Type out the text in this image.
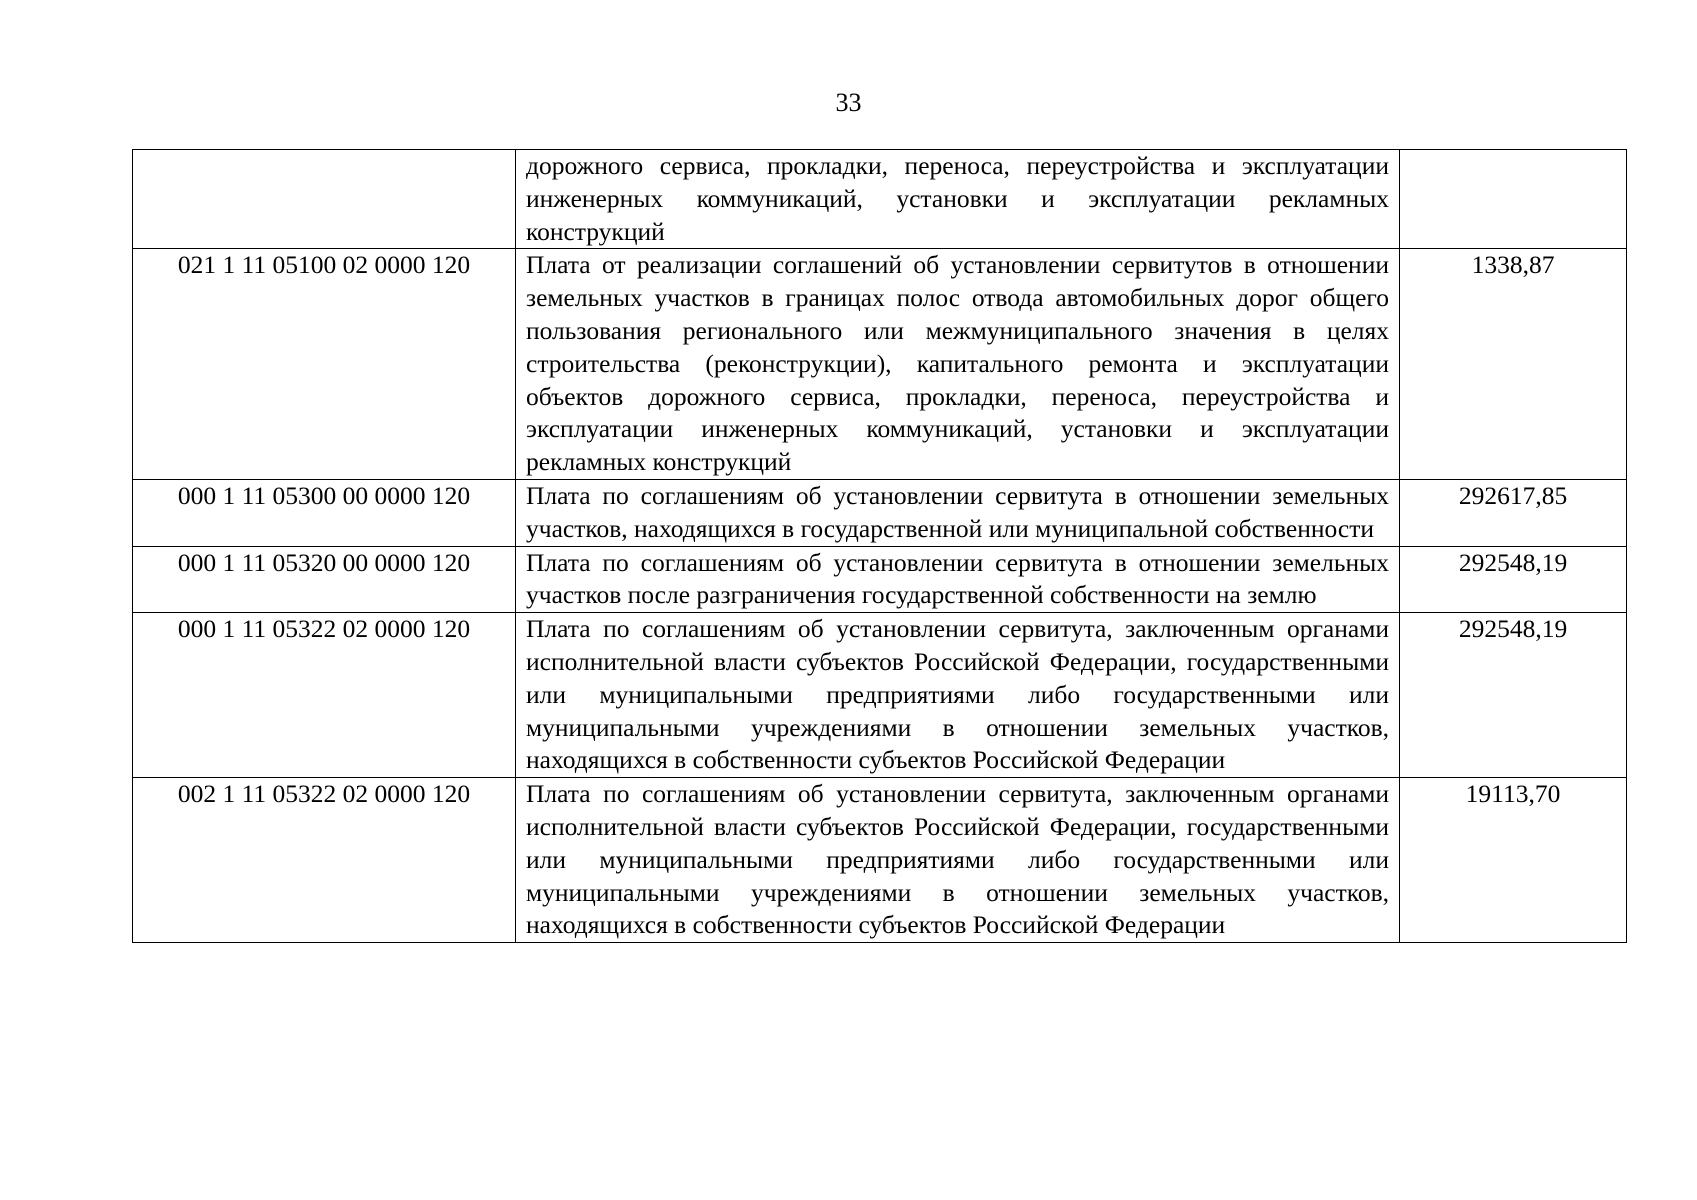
33
	дорожного сервиса, прокладки, переноса, переустройства и эксплуатации инженерных коммуникаций, установки и эксплуатации рекламных конструкций	
021 1 11 05100 02 0000 120	Плата от реализации соглашений об установлении сервитутов в отношении земельных участков в границах полос отвода автомобильных дорог общего пользования регионального или межмуниципального значения в целях строительства (реконструкции), капитального ремонта и эксплуатации объектов дорожного сервиса, прокладки, переноса, переустройства и эксплуатации инженерных коммуникаций, установки и эксплуатации рекламных конструкций	1338,87
000 1 11 05300 00 0000 120	Плата по соглашениям об установлении сервитута в отношении земельных участков, находящихся в государственной или муниципальной собственности	292617,85
000 1 11 05320 00 0000 120	Плата по соглашениям об установлении сервитута в отношении земельных участков после разграничения государственной собственности на землю	292548,19
000 1 11 05322 02 0000 120	Плата по соглашениям об установлении сервитута, заключенным органами исполнительной власти субъектов Российской Федерации, государственными или муниципальными предприятиями либо государственными или муниципальными учреждениями в отношении земельных участков, находящихся в собственности субъектов Российской Федерации	292548,19
002 1 11 05322 02 0000 120	Плата по соглашениям об установлении сервитута, заключенным органами исполнительной власти субъектов Российской Федерации, государственными или муниципальными предприятиями либо государственными или муниципальными учреждениями в отношении земельных участков, находящихся в собственности субъектов Российской Федерации	19113,70
